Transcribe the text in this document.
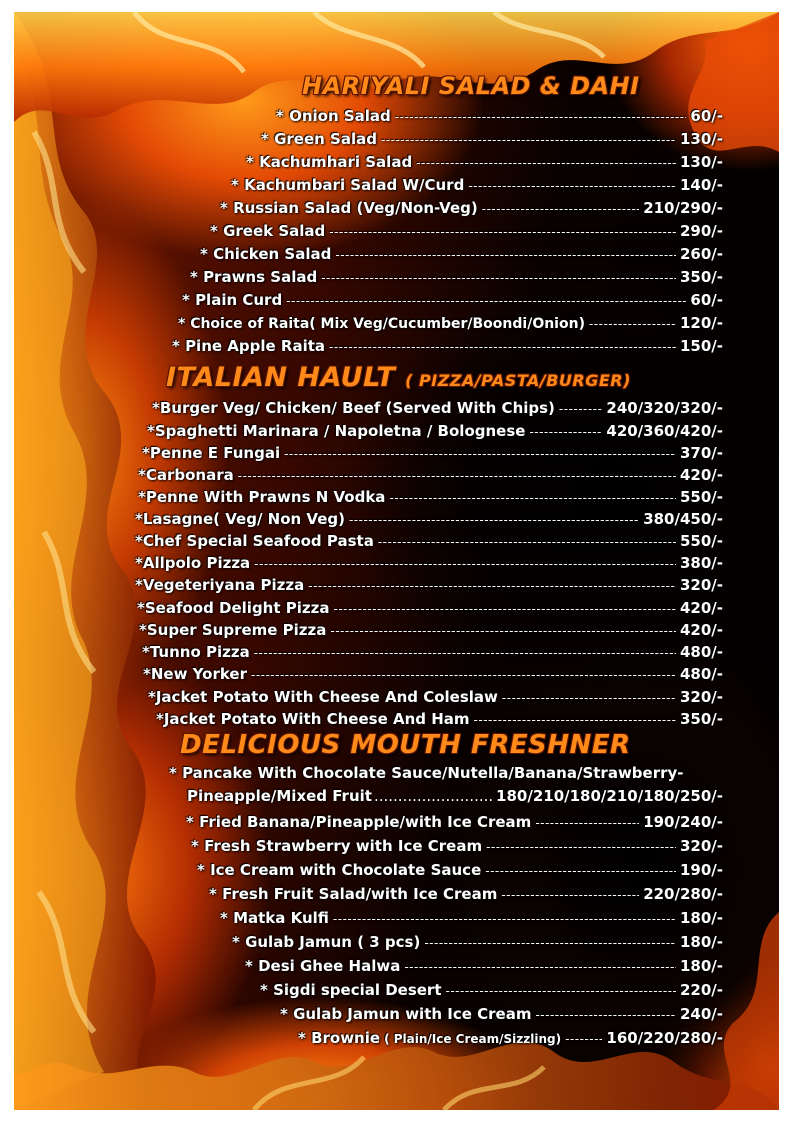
HARIYALI SALAD & DAHI
* Onion Salad -----	60/-
* Green Salad -----	130/-
* Kachumhari Salad -----	130/-
* Kachumbari Salad W/Curd -----	140/-
* Russian Salad (Veg/Non-Veg) -----	210/290/-
* Greek Salad -----	290/-
* Chicken Salad -----	260/-
* Prawns Salad -----	350/-
* Plain Curd -----	60/-
* Choice of Raita( Mix Veg/Cucumber/Boondi/Onion) -----	120/-
* Pine Apple Raita -----	150/-
ITALIAN HAULT ( PIZZA/PASTA/BURGER)
*Burger Veg/ Chicken/ Beef (Served With Chips) -----	240/320/320/-
*Spaghetti Marinara / Napoletna / Bolognese -----	420/360/420/-
*Penne E Fungai -----	370/-
*Carbonara -----	420/-
*Penne With Prawns N Vodka -----	550/-
*Lasagne( Veg/ Non Veg) -----	380/450/-
*Chef Special Seafood Pasta -----	550/-
*Allpolo Pizza -----	380/-
*Vegeteriyana Pizza -----	320/-
*Seafood Delight Pizza -----	420/-
*Super Supreme Pizza -----	420/-
*Tunno Pizza -----	480/-
*New Yorker -----	480/-
*Jacket Potato With Cheese And Coleslaw -----	320/-
*Jacket Potato With Cheese And Ham -----	350/-
DELICIOUS MOUTH FRESHNER
* Pancake With Chocolate Sauce/Nutella/Banana/Strawberry-
Pineapple/Mixed Fruit .....	180/210/180/210/180/250/-
* Fried Banana/Pineapple/with Ice Cream -----	190/240/-
* Fresh Strawberry with Ice Cream -----	320/-
* Ice Cream with Chocolate Sauce -----	190/-
* Fresh Fruit Salad/with Ice Cream -----	220/280/-
* Matka Kulfi -----	180/-
* Gulab Jamun ( 3 pcs) -----	180/-
* Desi Ghee Halwa -----	180/-
* Sigdi special Desert -----	220/-
* Gulab Jamun with Ice Cream -----	240/-
* Brownie ( Plain/Ice Cream/Sizzling) -----	160/220/280/-
